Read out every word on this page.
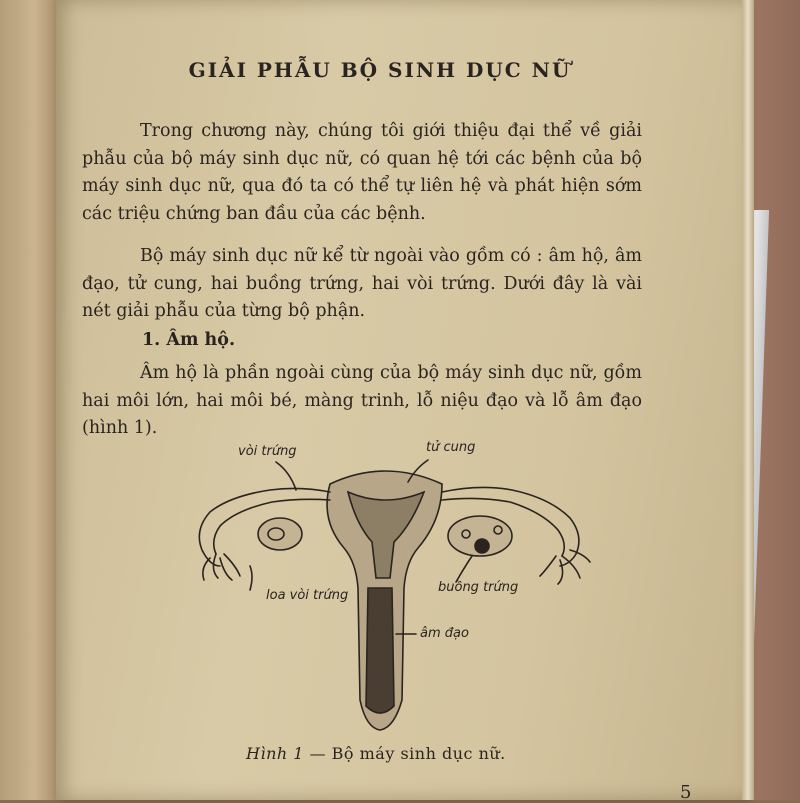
GIẢI PHẪU BỘ SINH DỤC NỮ

Trong chương này, chúng tôi giới thiệu đại thể về giải phẫu của bộ máy sinh dục nữ, có quan hệ tới các bệnh của bộ máy sinh dục nữ, qua đó ta có thể tự liên hệ và phát hiện sớm các triệu chứng ban đầu của các bệnh.

Bộ máy sinh dục nữ kể từ ngoài vào gồm có : âm hộ, âm đạo, tử cung, hai buồng trứng, hai vòi trứng. Dưới đây là vài nét giải phẫu của từng bộ phận.

1. Âm hộ.

Âm hộ là phần ngoài cùng của bộ máy sinh dục nữ, gồm hai môi lớn, hai môi bé, màng trinh, lỗ niệu đạo và lỗ âm đạo (hình 1).

vòi trứng	tử cung
loa vòi trứng
buồng trứng
âm đạo
Hình 1 — Bộ máy sinh dục nữ.
5
